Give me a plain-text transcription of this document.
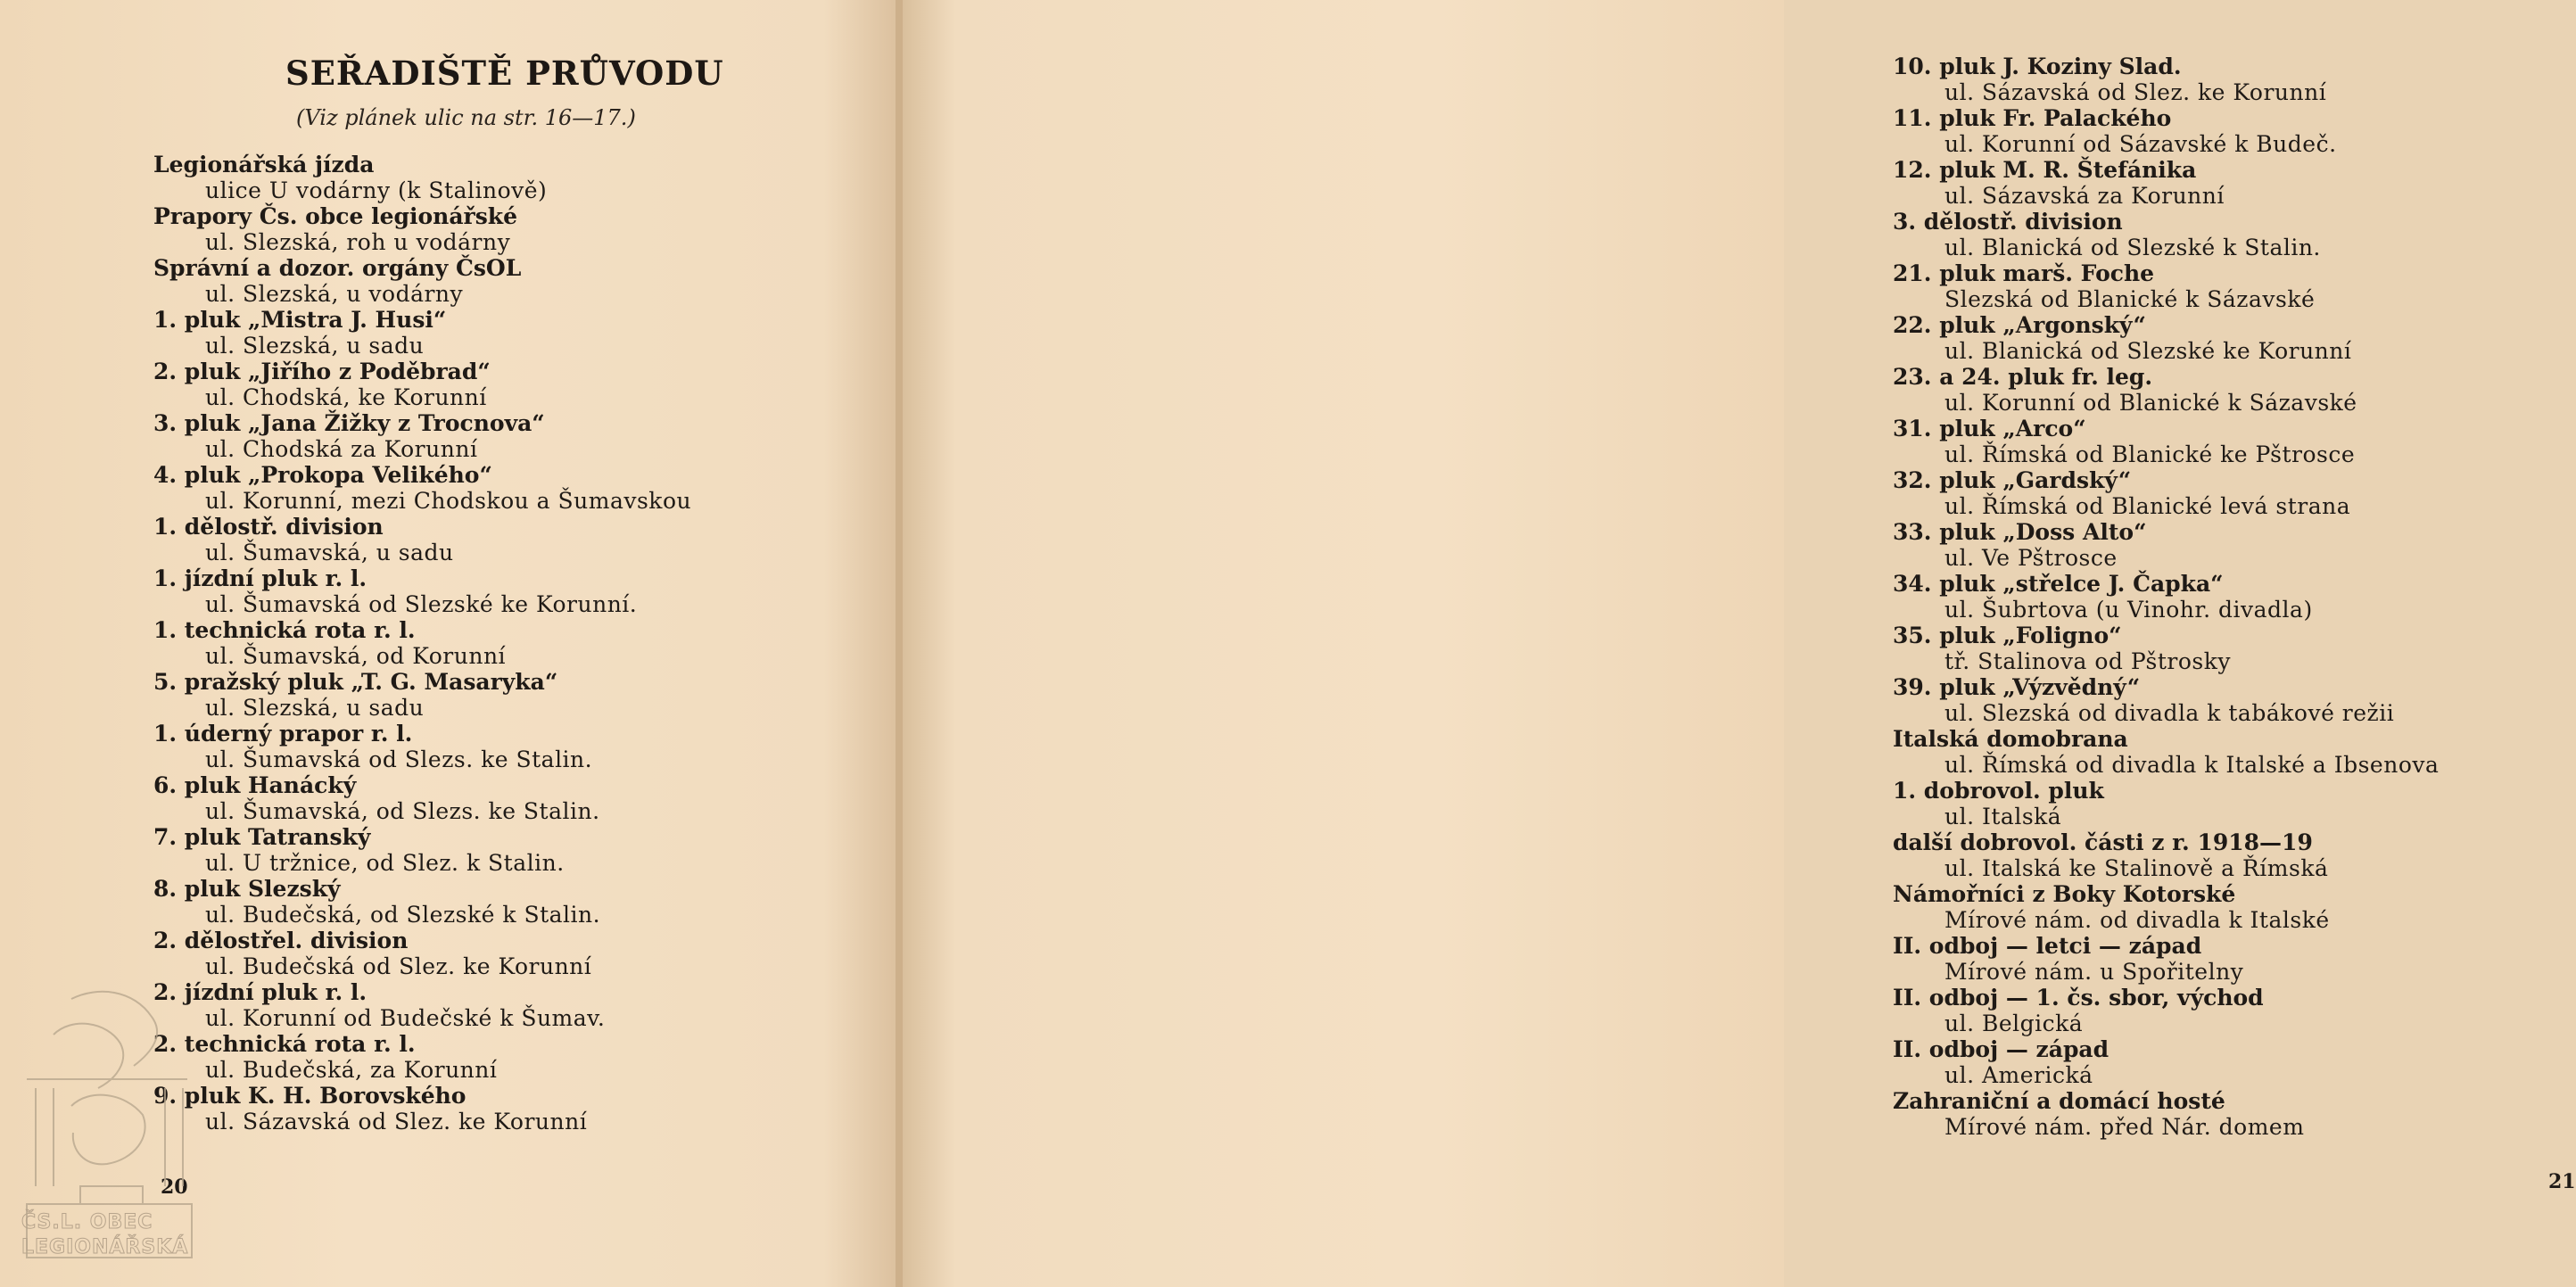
SEŘADIŠTĚ PRŮVODU

(Viz plánek ulic na str. 16—17.)

Legionářská jízda
ulice U vodárny (k Stalinově)
Prapory Čs. obce legionářské
ul. Slezská, roh u vodárny
Správní a dozor. orgány ČsOL
ul. Slezská, u vodárny
1. pluk „Mistra J. Husi“
ul. Slezská, u sadu
2. pluk „Jiřího z Poděbrad“
ul. Chodská, ke Korunní
3. pluk „Jana Žižky z Trocnova“
ul. Chodská za Korunní
4. pluk „Prokopa Velikého“
ul. Korunní, mezi Chodskou a Šumavskou
1. dělostř. division
ul. Šumavská, u sadu
1. jízdní pluk r. l.
ul. Šumavská od Slezské ke Korunní.
1. technická rota r. l.
ul. Šumavská, od Korunní
5. pražský pluk „T. G. Masaryka“
ul. Slezská, u sadu
1. úderný prapor r. l.
ul. Šumavská od Slezs. ke Stalin.
6. pluk Hanácký
ul. Šumavská, od Slezs. ke Stalin.
7. pluk Tatranský
ul. U tržnice, od Slez. k Stalin.
8. pluk Slezský
ul. Budečská, od Slezské k Stalin.
2. dělostřel. division
ul. Budečská od Slez. ke Korunní
2. jízdní pluk r. l.
ul. Korunní od Budečské k Šumav.
2. technická rota r. l.
ul. Budečská, za Korunní
9. pluk K. H. Borovského
ul. Sázavská od Slez. ke Korunní

20

ČS.L. OBEC

LEGIONÁŘSKÁ

10. pluk J. Koziny Slad.
ul. Sázavská od Slez. ke Korunní
11. pluk Fr. Palackého
ul. Korunní od Sázavské k Budeč.
12. pluk M. R. Štefánika
ul. Sázavská za Korunní
3. dělostř. division
ul. Blanická od Slezské k Stalin.
21. pluk marš. Foche
Slezská od Blanické k Sázavské
22. pluk „Argonský“
ul. Blanická od Slezské ke Korunní
23. a 24. pluk fr. leg.
ul. Korunní od Blanické k Sázavské
31. pluk „Arco“
ul. Římská od Blanické ke Pštrosce
32. pluk „Gardský“
ul. Římská od Blanické levá strana
33. pluk „Doss Alto“
ul. Ve Pštrosce
34. pluk „střelce J. Čapka“
ul. Šubrtova (u Vinohr. divadla)
35. pluk „Foligno“
tř. Stalinova od Pštrosky
39. pluk „Výzvědný“
ul. Slezská od divadla k tabákové režii
Italská domobrana
ul. Římská od divadla k Italské a Ibsenova
1. dobrovol. pluk
ul. Italská
další dobrovol. části z r. 1918—19
ul. Italská ke Stalinově a Římská
Námořníci z Boky Kotorské
Mírové nám. od divadla k Italské
II. odboj — letci — západ
Mírové nám. u Spořitelny
II. odboj — 1. čs. sbor, východ
ul. Belgická
II. odboj — západ
ul. Americká
Zahraniční a domácí hosté
Mírové nám. před Nár. domem

21
